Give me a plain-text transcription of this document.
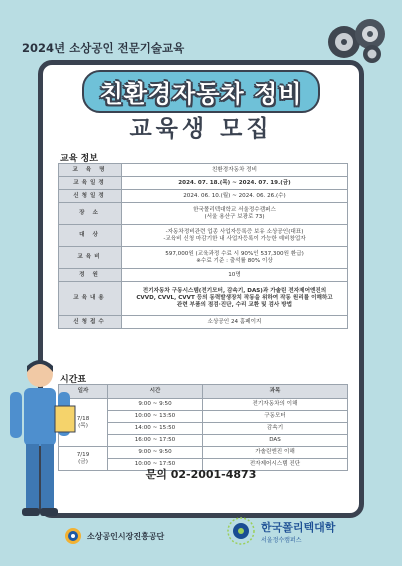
2024년 소상공인 전문기술교육
친환경자동차 정비
교육생 모집
교육 정보
교 육 명	친환경자동차 정비
교육일정	2024. 07. 18.(목) ~ 2024. 07. 19.(금)
신청일정	2024. 06. 10.(월) ~ 2024. 06. 26.(수)
장 소	한국폴리텍대학교 서울정수캠퍼스
(서울 용산구 보광로 73)

대 상	-자동차정비관련 업종 사업자등록증 보유 소상공인(대표)
-교육비 신청 마감기한 내 사업자등록이 가능한 예비창업자

교육비	597,000원 (교육과정 수료 시 90%인 537,300원 환급)
※수료 기준 : 출석률 80% 이상

정 원	10명
교육내용	전기자동차 구동시스템(전기모터, 감속기, DAS)과 가솔린 전자제어엔진의
CVVD, CVVL, CVVT 등의 동력발생장치 작동을 위하여 작동 원리를 이해하고
관련 부품의 점검·진단, 수리 교환 및 검사 방법

신청접수	소상공인 24 홈페이지
시간표
일자	시간	과목

7/18
(목)	9:00 ~ 9:50	전기자동차의 이해
	10:00 ~ 13:50	구동모터
	14:00 ~ 15:50	감속기
	16:00 ~ 17:50	DAS

7/19
(금)	9:00 ~ 9:50	가솔린엔진 이해
	10:00 ~ 17:50	전자제어시스템 진단
문의 02-2001-4873
소상공인시장진흥공단
한국폴리텍대학
서울정수캠퍼스
